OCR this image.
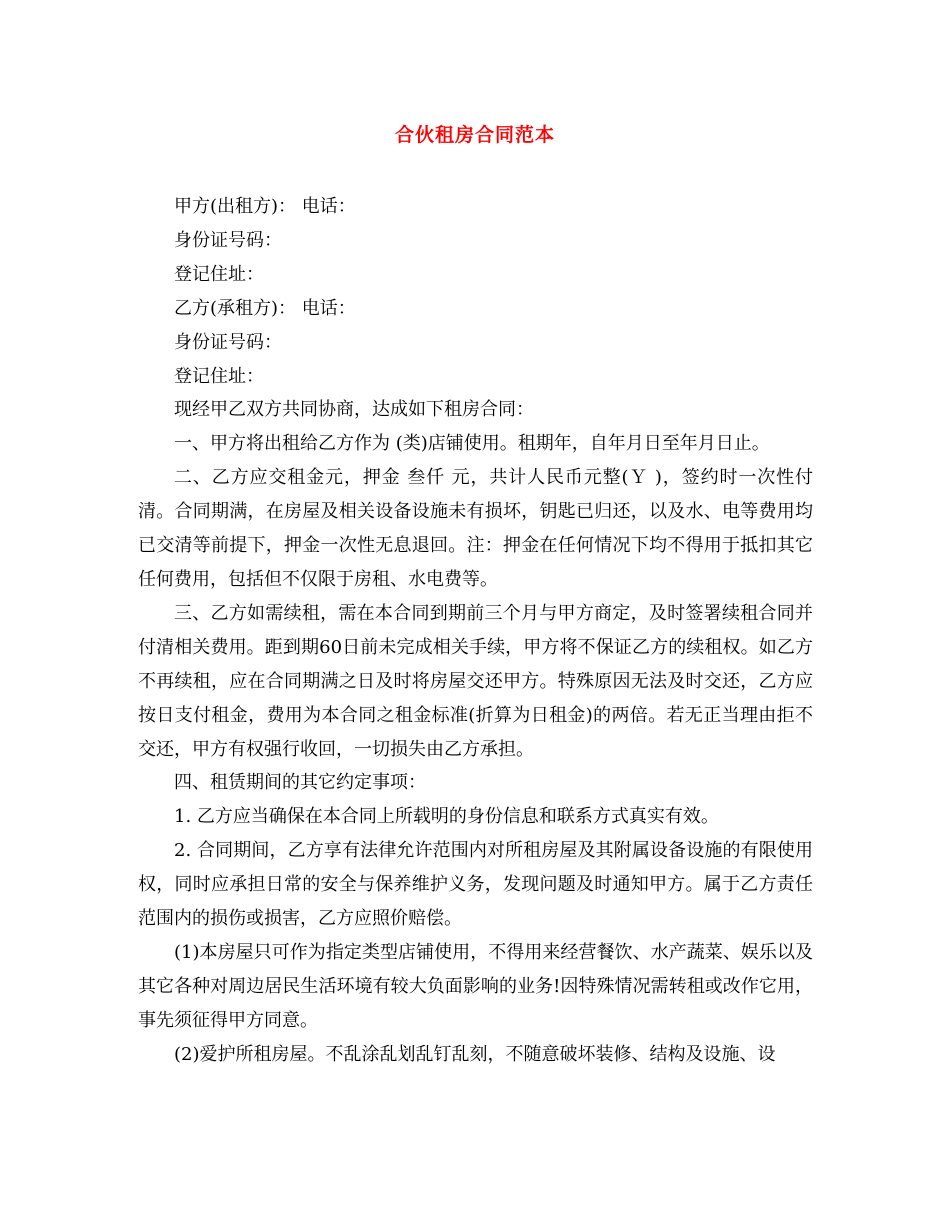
合伙租房合同范本

甲方(出租方)： 电话：

身份证号码：

登记住址：

乙方(承租方)： 电话：

身份证号码：

登记住址：

现经甲乙双方共同协商，达成如下租房合同：

一、甲方将出租给乙方作为 (类)店铺使用。租期年，自年月日至年月日止。

二、乙方应交租金元，押金 叁仟 元，共计人民币元整(Ｙ )，签约时一次性付清。合同期满，在房屋及相关设备设施未有损坏，钥匙已归还，以及水、电等费用均已交清等前提下，押金一次性无息退回。注：押金在任何情况下均不得用于抵扣其它任何费用，包括但不仅限于房租、水电费等。

三、乙方如需续租，需在本合同到期前三个月与甲方商定，及时签署续租合同并付清相关费用。距到期60日前未完成相关手续，甲方将不保证乙方的续租权。如乙方不再续租，应在合同期满之日及时将房屋交还甲方。特殊原因无法及时交还，乙方应按日支付租金，费用为本合同之租金标准(折算为日租金)的两倍。若无正当理由拒不交还，甲方有权强行收回，一切损失由乙方承担。

四、租赁期间的其它约定事项：

1. 乙方应当确保在本合同上所载明的身份信息和联系方式真实有效。

2. 合同期间，乙方享有法律允许范围内对所租房屋及其附属设备设施的有限使用权，同时应承担日常的安全与保养维护义务，发现问题及时通知甲方。属于乙方责任范围内的损伤或损害，乙方应照价赔偿。

(1)本房屋只可作为指定类型店铺使用，不得用来经营餐饮、水产蔬菜、娱乐以及其它各种对周边居民生活环境有较大负面影响的业务!因特殊情况需转租或改作它用，事先须征得甲方同意。

(2)爱护所租房屋。不乱涂乱划乱钉乱刻，不随意破坏装修、结构及设施、设
